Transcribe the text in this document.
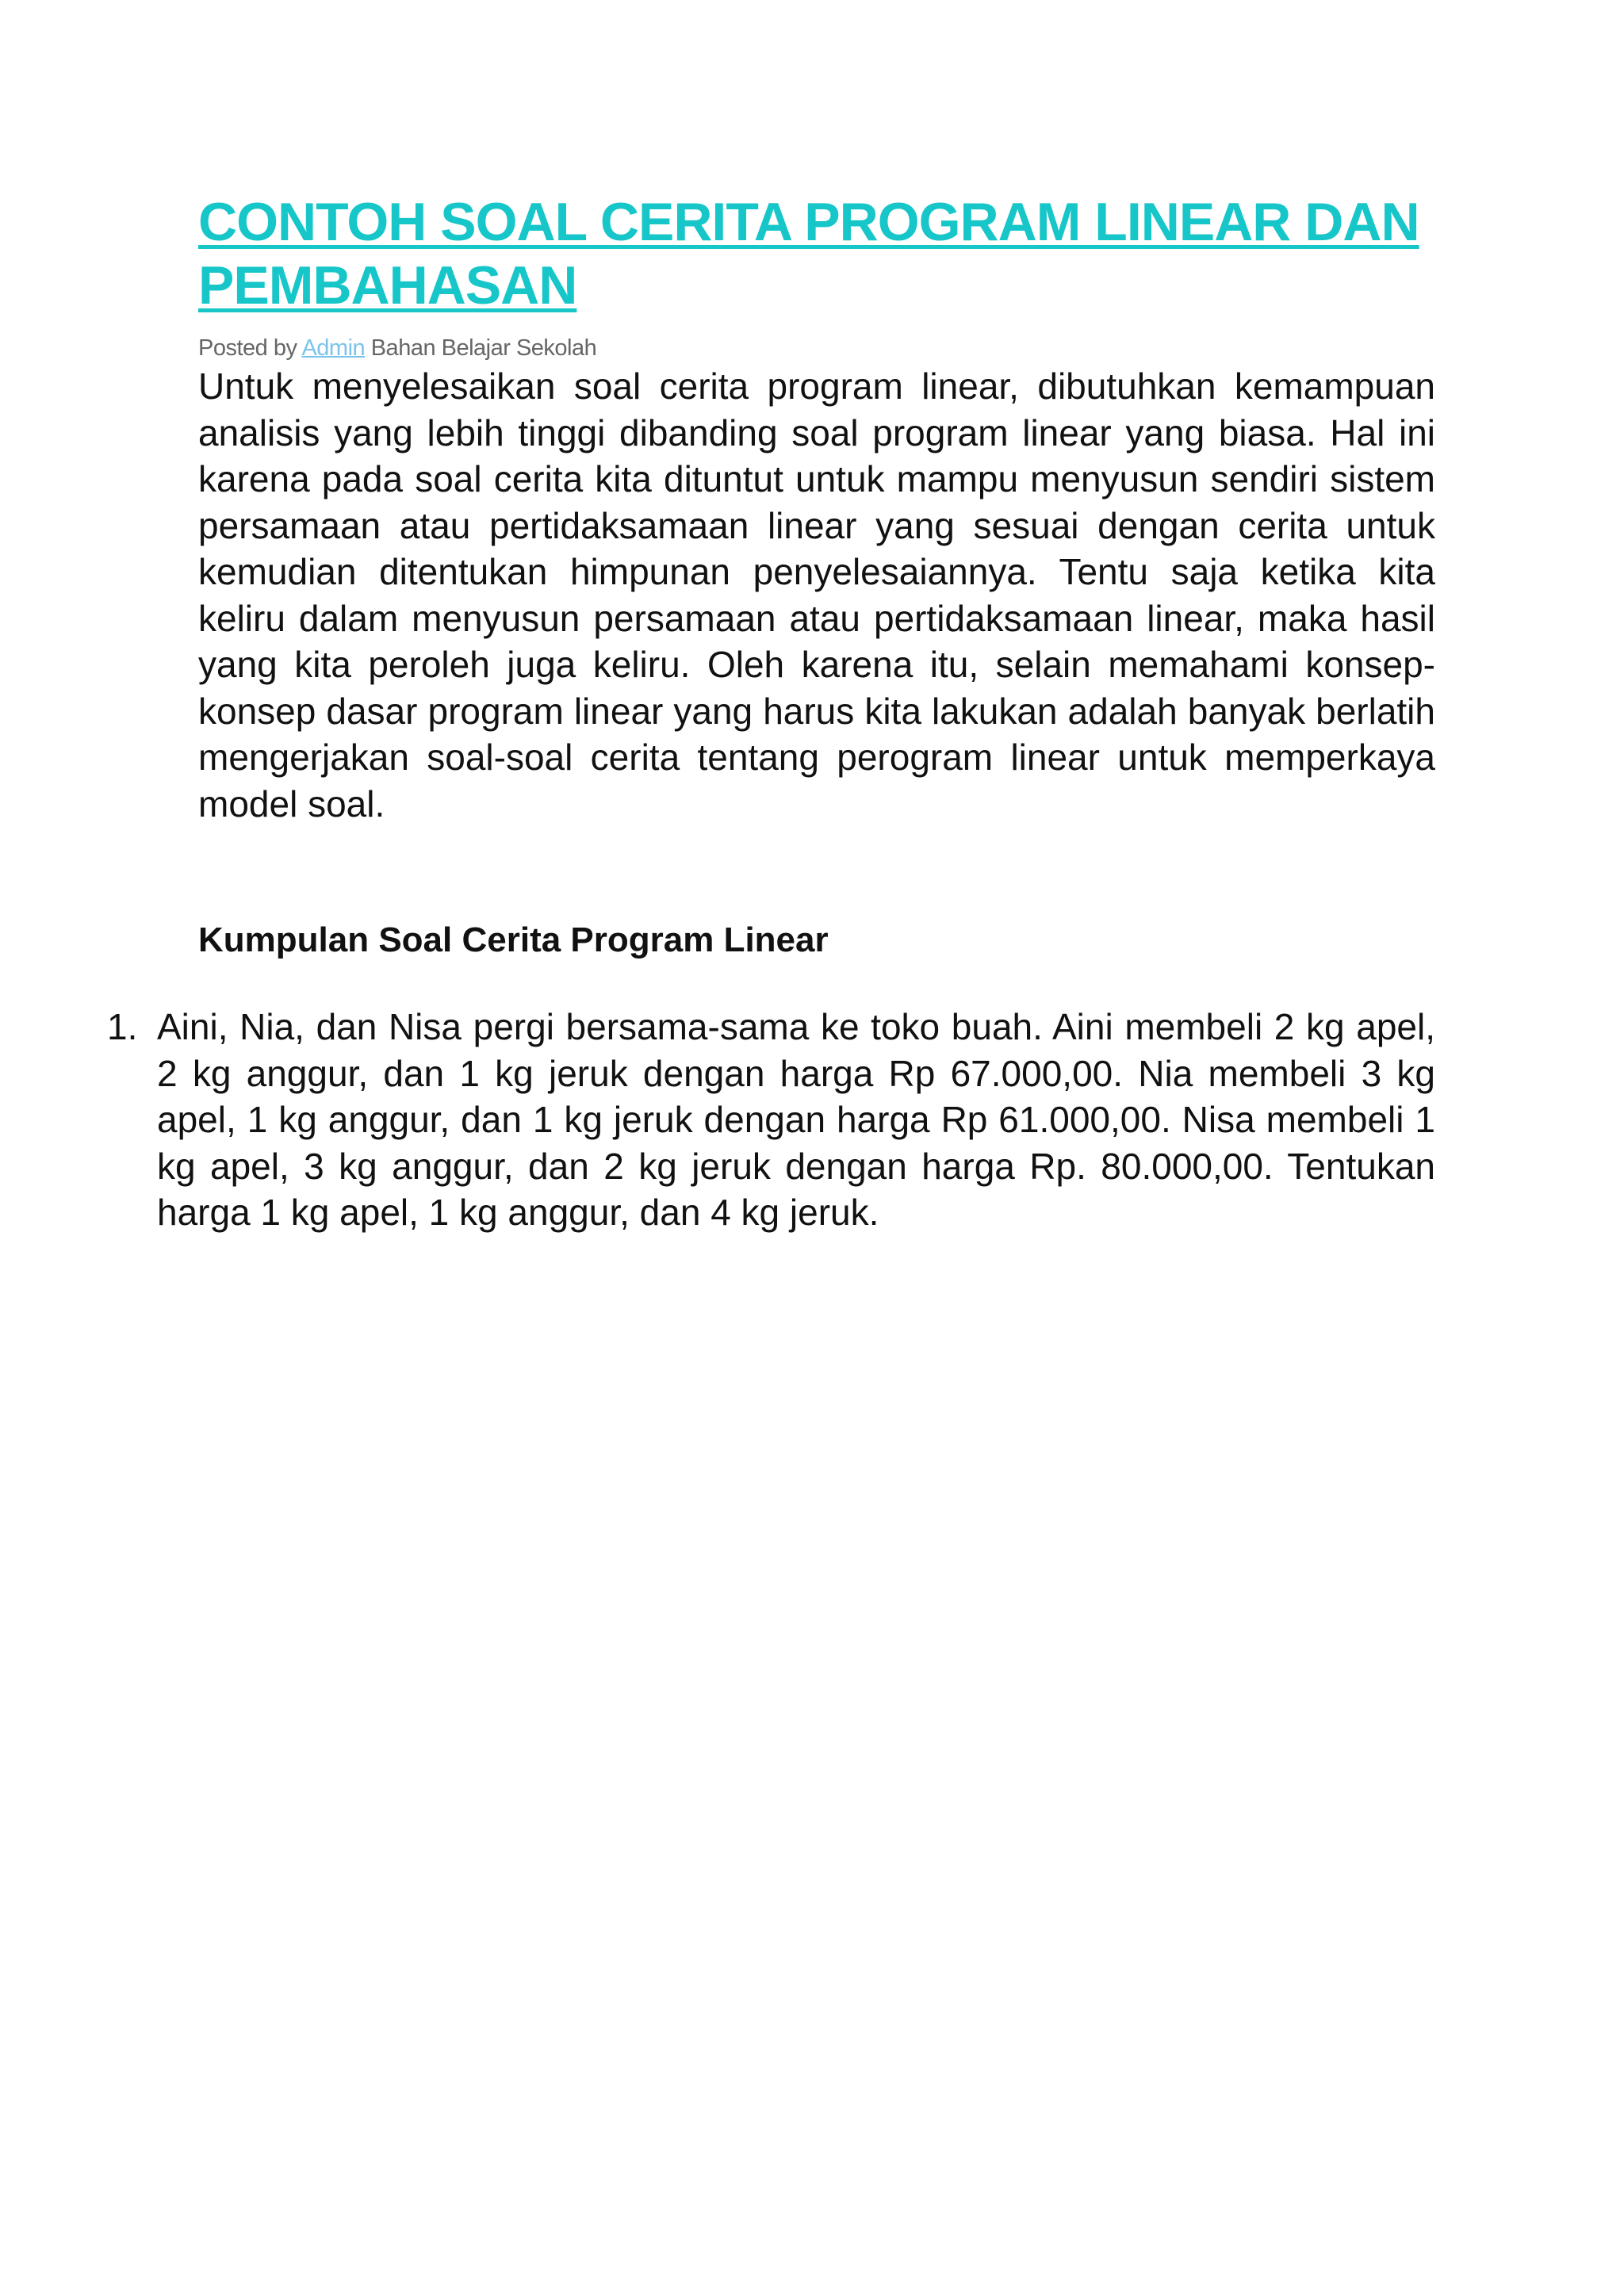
CONTOH SOAL CERITA PROGRAM LINEAR DAN PEMBAHASAN
Posted by Admin Bahan Belajar Sekolah

Untuk menyelesaikan soal cerita program linear, dibutuhkan kemampuan analisis yang lebih tinggi dibanding soal program linear yang biasa. Hal ini karena pada soal cerita kita dituntut untuk mampu menyusun sendiri sistem persamaan atau pertidaksamaan linear yang sesuai dengan cerita untuk kemudian ditentukan himpunan penyelesaiannya. Tentu saja ketika kita keliru dalam menyusun persamaan atau pertidaksamaan linear, maka hasil yang kita peroleh juga keliru. Oleh karena itu, selain memahami konsep-konsep dasar program linear yang harus kita lakukan adalah banyak berlatih mengerjakan soal-soal cerita tentang perogram linear untuk memperkaya model soal.

Kumpulan Soal Cerita Program Linear
1. Aini, Nia, dan Nisa pergi bersama-sama ke toko buah. Aini membeli 2 kg apel, 2 kg anggur, dan 1 kg jeruk dengan harga Rp 67.000,00. Nia membeli 3 kg apel, 1 kg anggur, dan 1 kg jeruk dengan harga Rp 61.000,00. Nisa membeli 1 kg apel, 3 kg anggur, dan 2 kg jeruk dengan harga Rp. 80.000,00. Tentukan harga 1 kg apel, 1 kg anggur, dan 4 kg jeruk.
